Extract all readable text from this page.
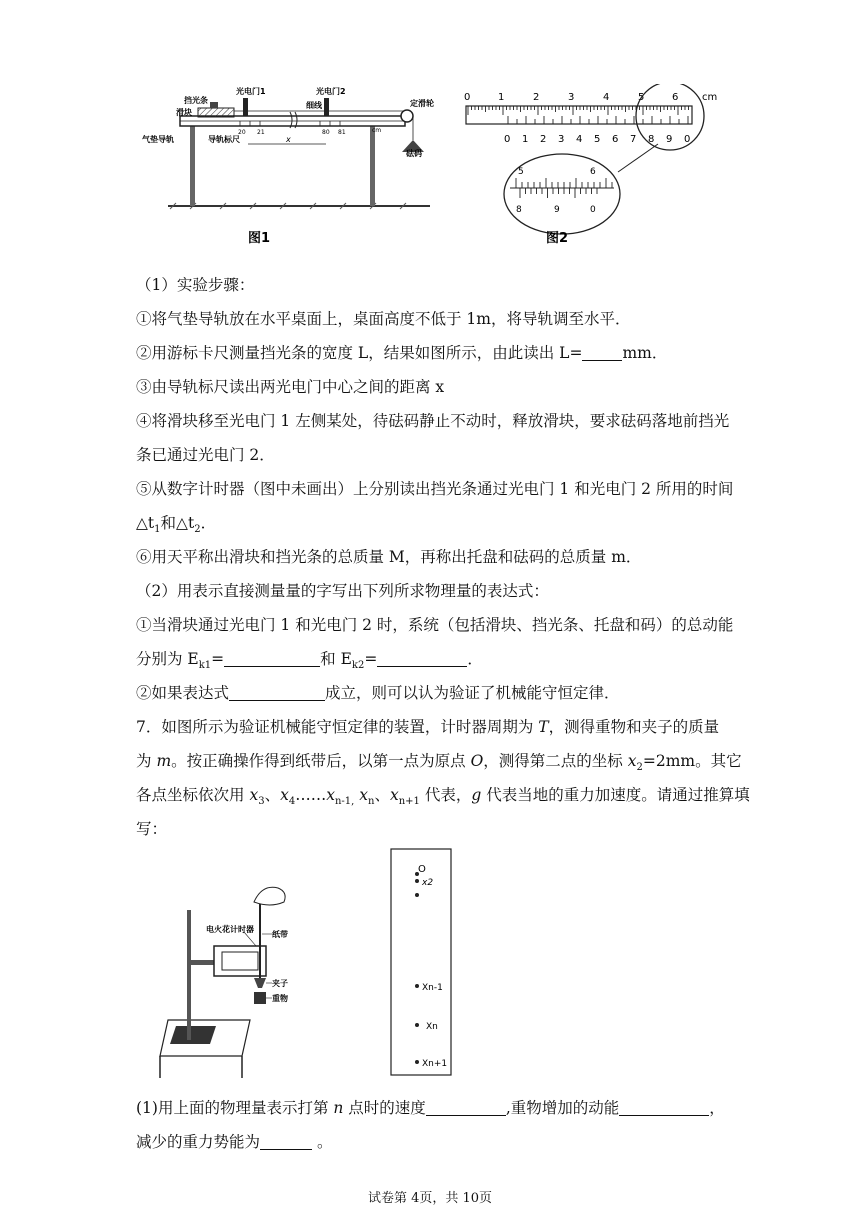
光电门1	光电门2
挡光条
滑块
细线	定滑轮
气垫导轨	导轨标尺
砝码
x
20 21	80 81	cm
图1
0	1	2	3	4	5	6 cm
0 1 2 3 4 5 6 7 8 9 0
5	6
8	9	0
图2
（1）实验步骤：
①将气垫导轨放在水平桌面上，桌面高度不低于 1m，将导轨调至水平．
②用游标卡尺测量挡光条的宽度 L，结果如图所示，由此读出 L=	mm．
③由导轨标尺读出两光电门中心之间的距离 x
④将滑块移至光电门 1 左侧某处，待砝码静止不动时，释放滑块，要求砝码落地前挡光
条已通过光电门 2．
⑤从数字计时器（图中未画出）上分别读出挡光条通过光电门 1 和光电门 2 所用的时间
$\triangle t_1$和$\triangle t_2$．
⑥用天平称出滑块和挡光条的总质量 M，再称出托盘和砝码的总质量 m．
（2）用表示直接测量量的字写出下列所求物理量的表达式：
①当滑块通过光电门 1 和光电门 2 时，系统（包括滑块、挡光条、托盘和码）的总动能
分别为 $E_{k1}=$	和 $E_{k2}=$	．
②如果表达式	成立，则可以认为验证了机械能守恒定律．
7．如图所示为验证机械能守恒定律的装置，计时器周期为 T，测得重物和夹子的质量
为 m。按正确操作得到纸带后，以第一点为原点 O，测得第二点的坐标 $x_2=2mm$。其它
各点坐标依次用 $x_3$、$x_4\dots\dots x_{n-1,}$ $x_n$、$x_{n+1}$ 代表，g 代表当地的重力加速度。请通过推算填
写：
电火花计时器
纸带
夹子
重物
O
x2
Xn-1
Xn
Xn+1
(1)用上面的物理量表示打第 n 点时的速度	,重物增加的动能	，
减少的重力势能为	。
试卷第 4页，共 10页
